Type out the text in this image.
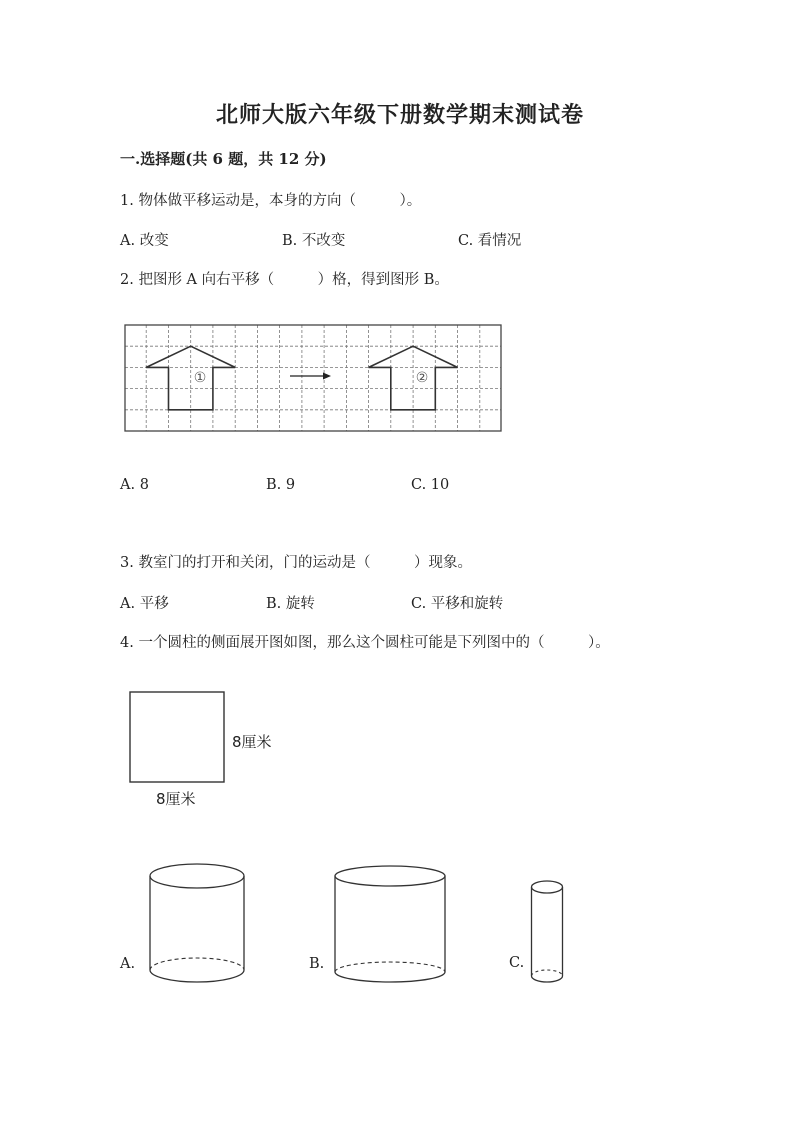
北师大版六年级下册数学期末测试卷
一.选择题(共 6 题，共 12 分)
1. 物体做平移运动是，本身的方向（　　　）。
A. 改变	B. 不改变	C. 看情况
2. 把图形 A 向右平移（　　　）格，得到图形 B。
①	②
A. 8	B. 9	C. 10
3. 教室门的打开和关闭，门的运动是（　　　）现象。
A. 平移	B. 旋转	C. 平移和旋转
4. 一个圆柱的侧面展开图如图，那么这个圆柱可能是下列图中的（　　　）。
8厘米
8厘米
A.	B.	C.
